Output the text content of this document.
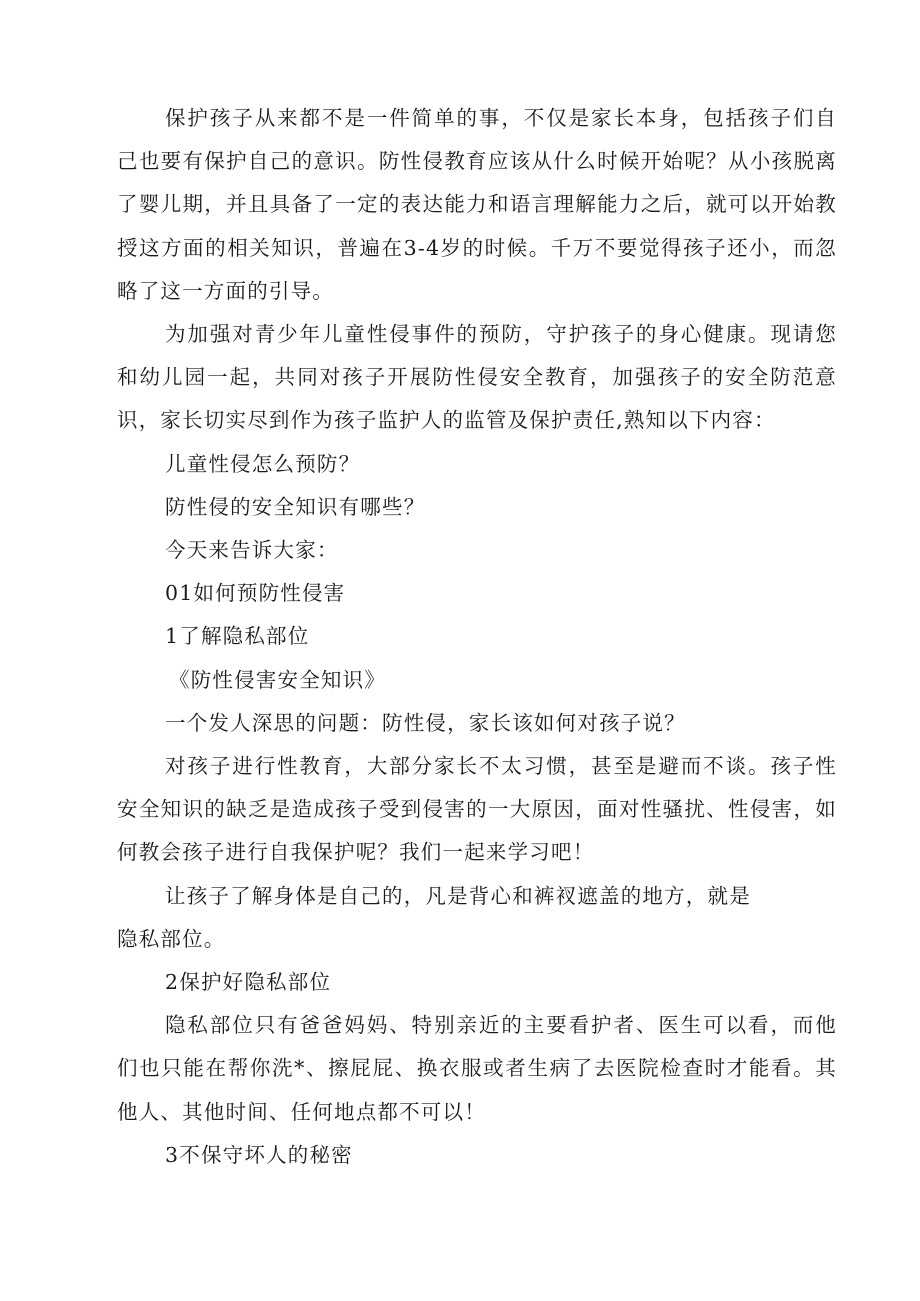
保护孩子从来都不是一件简单的事，不仅是家长本身，包括孩子们自己也要有保护自己的意识。防性侵教育应该从什么时候开始呢？从小孩脱离了婴儿期，并且具备了一定的表达能力和语言理解能力之后，就可以开始教授这方面的相关知识，普遍在3-4岁的时候。千万不要觉得孩子还小，而忽略了这一方面的引导。

为加强对青少年儿童性侵事件的预防，守护孩子的身心健康。现请您和幼儿园一起，共同对孩子开展防性侵安全教育，加强孩子的安全防范意识，家长切实尽到作为孩子监护人的监管及保护责任,熟知以下内容：

儿童性侵怎么预防？

防性侵的安全知识有哪些？

今天来告诉大家：

01如何预防性侵害

1了解隐私部位

《防性侵害安全知识》

一个发人深思的问题：防性侵，家长该如何对孩子说？

对孩子进行性教育，大部分家长不太习惯，甚至是避而不谈。孩子性安全知识的缺乏是造成孩子受到侵害的一大原因，面对性骚扰、性侵害，如何教会孩子进行自我保护呢？我们一起来学习吧！

让孩子了解身体是自己的，凡是背心和裤衩遮盖的地方，就是

隐私部位。

2保护好隐私部位

隐私部位只有爸爸妈妈、特别亲近的主要看护者、医生可以看，而他们也只能在帮你洗*、擦屁屁、换衣服或者生病了去医院检查时才能看。其他人、其他时间、任何地点都不可以！

3不保守坏人的秘密
